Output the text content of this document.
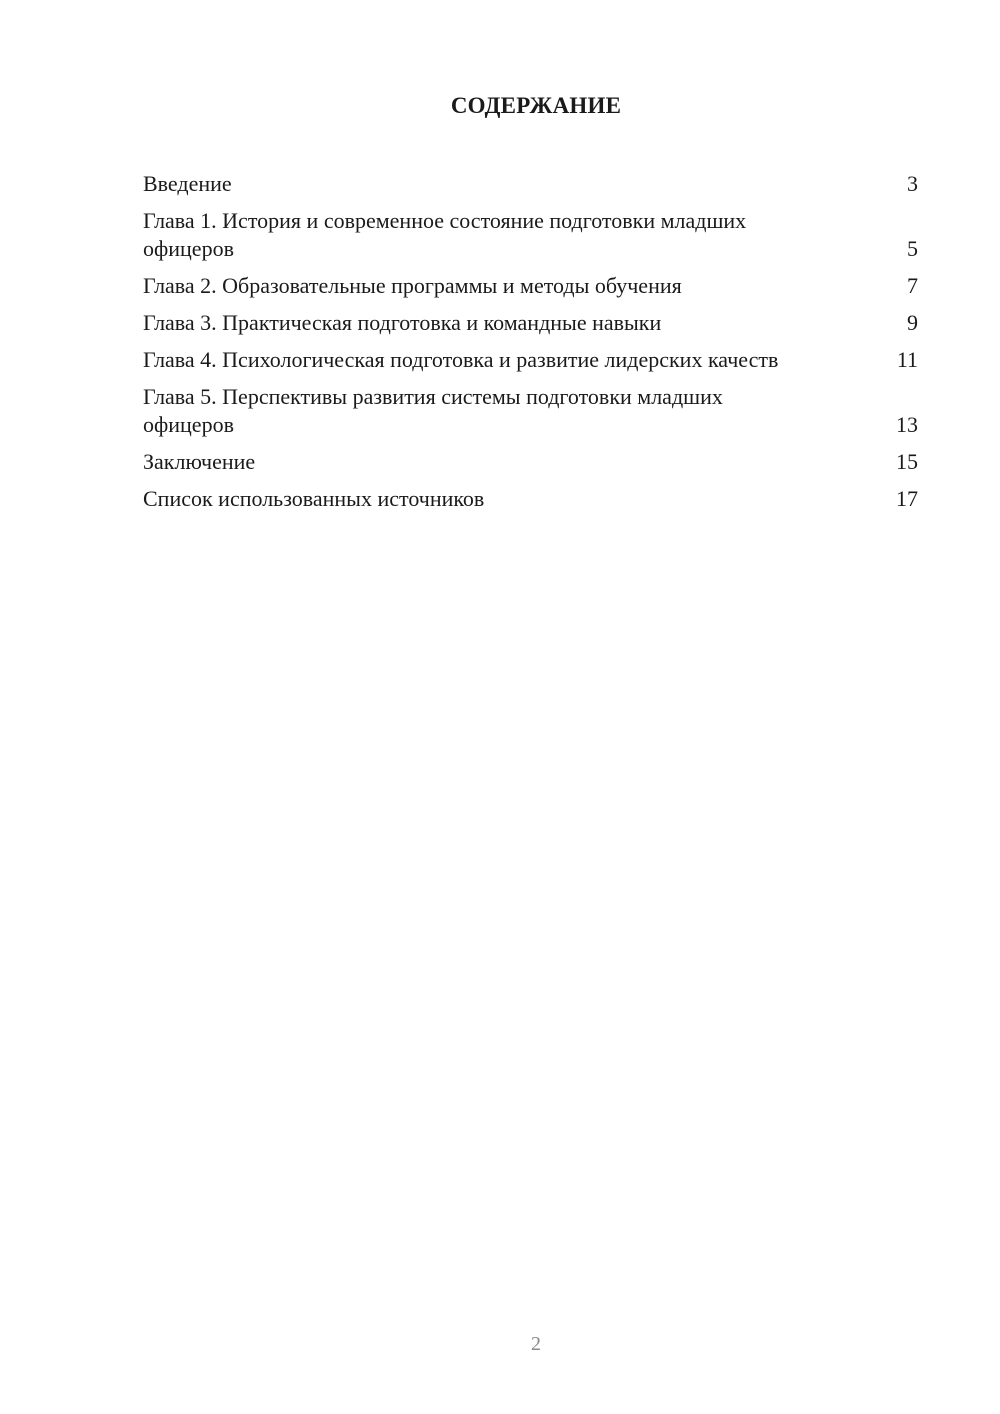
СОДЕРЖАНИЕ
Введение	3
Глава 1. История и современное состояние подготовки младших офицеров	5
Глава 2. Образовательные программы и методы обучения	7
Глава 3. Практическая подготовка и командные навыки	9
Глава 4. Психологическая подготовка и развитие лидерских качеств	11
Глава 5. Перспективы развития системы подготовки младших офицеров	13
Заключение	15
Список использованных источников	17
2
